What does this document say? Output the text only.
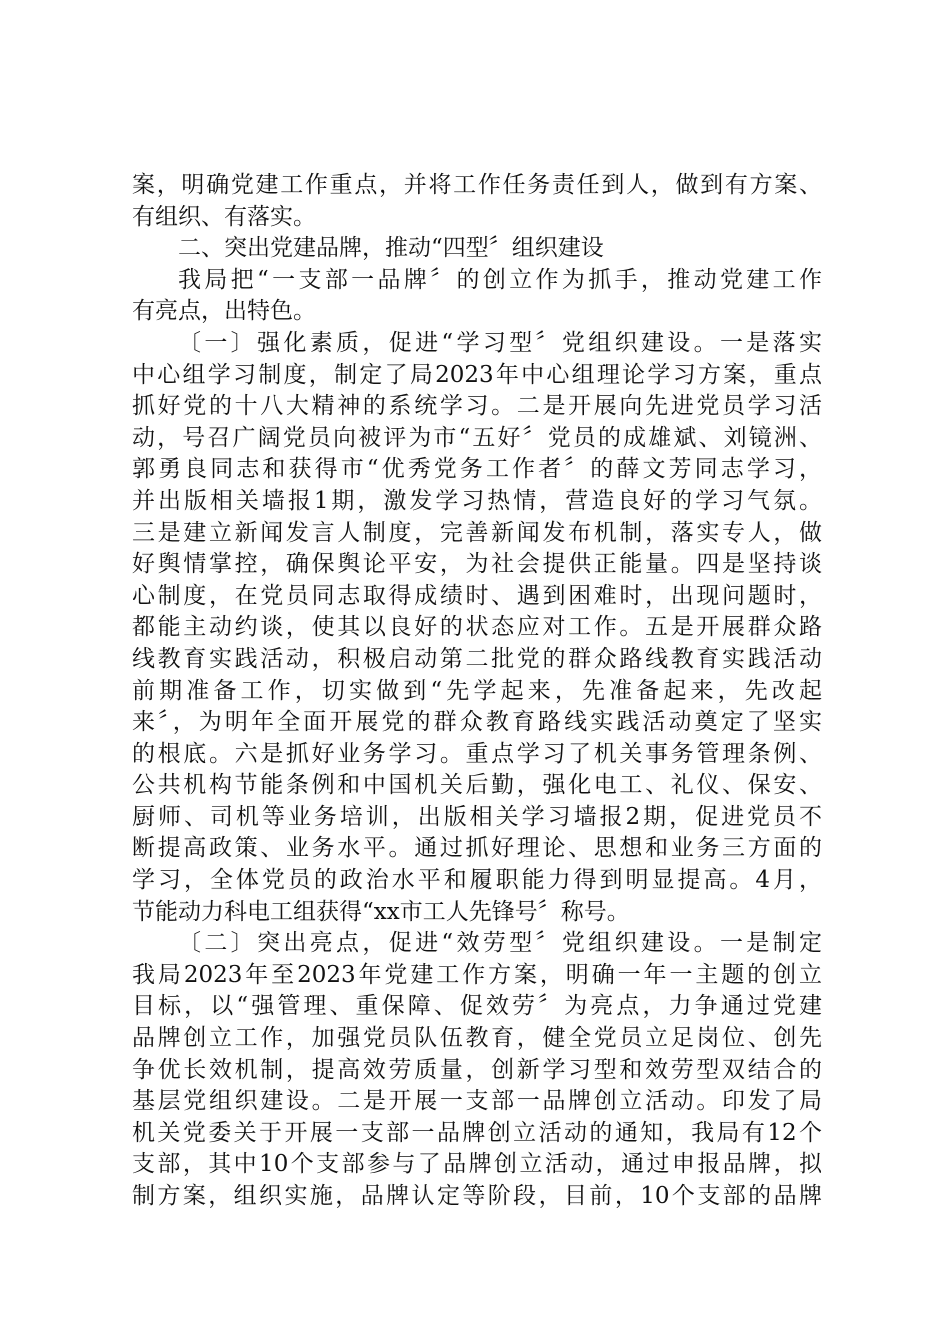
案，明确党建工作重点，并将工作任务责任到人，做到有方案、
有组织、有落实。
二、突出党建品牌，推动“四型〞组织建设
我局把“一支部一品牌〞的创立作为抓手，推动党建工作
有亮点，出特色。
〔一〕强化素质，促进“学习型〞党组织建设。一是落实
中心组学习制度，制定了局2023年中心组理论学习方案，重点
抓好党的十八大精神的系统学习。二是开展向先进党员学习活
动，号召广阔党员向被评为市“五好〞党员的成雄斌、刘镜洲、
郭勇良同志和获得市“优秀党务工作者〞的薛文芳同志学习，
并出版相关墙报1期，激发学习热情，营造良好的学习气氛。
三是建立新闻发言人制度，完善新闻发布机制，落实专人，做
好舆情掌控，确保舆论平安，为社会提供正能量。四是坚持谈
心制度，在党员同志取得成绩时、遇到困难时，出现问题时，
都能主动约谈，使其以良好的状态应对工作。五是开展群众路
线教育实践活动，积极启动第二批党的群众路线教育实践活动
前期准备工作，切实做到“先学起来，先准备起来，先改起
来〞，为明年全面开展党的群众教育路线实践活动奠定了坚实
的根底。六是抓好业务学习。重点学习了机关事务管理条例、
公共机构节能条例和中国机关后勤，强化电工、礼仪、保安、
厨师、司机等业务培训，出版相关学习墙报2期，促进党员不
断提高政策、业务水平。通过抓好理论、思想和业务三方面的
学习，全体党员的政治水平和履职能力得到明显提高。4月，
节能动力科电工组获得“xx市工人先锋号〞称号。
〔二〕突出亮点，促进“效劳型〞党组织建设。一是制定
我局2023年至2023年党建工作方案，明确一年一主题的创立
目标，以“强管理、重保障、促效劳〞为亮点，力争通过党建
品牌创立工作，加强党员队伍教育，健全党员立足岗位、创先
争优长效机制，提高效劳质量，创新学习型和效劳型双结合的
基层党组织建设。二是开展一支部一品牌创立活动。印发了局
机关党委关于开展一支部一品牌创立活动的通知，我局有12个
支部，其中10个支部参与了品牌创立活动，通过申报品牌，拟
制方案，组织实施，品牌认定等阶段，目前，10个支部的品牌
